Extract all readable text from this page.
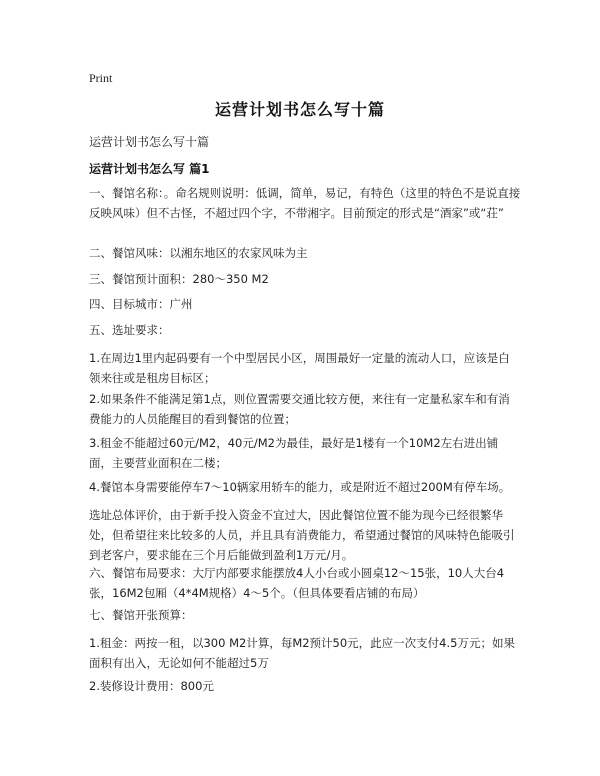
Print
运营计划书怎么写十篇
运营计划书怎么写十篇
运营计划书怎么写 篇1

一、餐馆名称：。命名规则说明：低调，简单，易记，有特色（这里的特色不是说直接反映风味）但不古怪，不超过四个字，不带湘字。目前预定的形式是“酒家”或“荘”

二、餐馆风味：以湘东地区的农家风味为主

三、餐馆预计面积：280～350 M2

四、目标城市：广州

五、选址要求：

1.在周边1里内起码要有一个中型居民小区，周围最好一定量的流动人口，应该是白领来往或是租房目标区；

2.如果条件不能满足第1点，则位置需要交通比较方便，来往有一定量私家车和有消费能力的人员能醒目的看到餐馆的位置；

3.租金不能超过60元/M2，40元/M2为最佳，最好是1楼有一个10M2左右进出铺面，主要营业面积在二楼；

4.餐馆本身需要能停车7～10辆家用轿车的能力，或是附近不超过200M有停车场。

选址总体评价，由于新手投入资金不宜过大，因此餐馆位置不能为现今已经很繁华处，但希望往来比较多的人员，并且具有消费能力，希望通过餐馆的风味特色能吸引到老客户，要求能在三个月后能做到盈利1万元/月。

六、餐馆布局要求：大厅内部要求能摆放4人小台或小圆桌12～15张，10人大台4张，16M2包厢（4*4M规格）4～5个。（但具体要看店铺的布局）

七、餐馆开张预算：

1.租金：两按一租，以300 M2计算，每M2预计50元，此应一次支付4.5万元；如果面积有出入，无论如何不能超过5万

2.装修设计费用：800元
